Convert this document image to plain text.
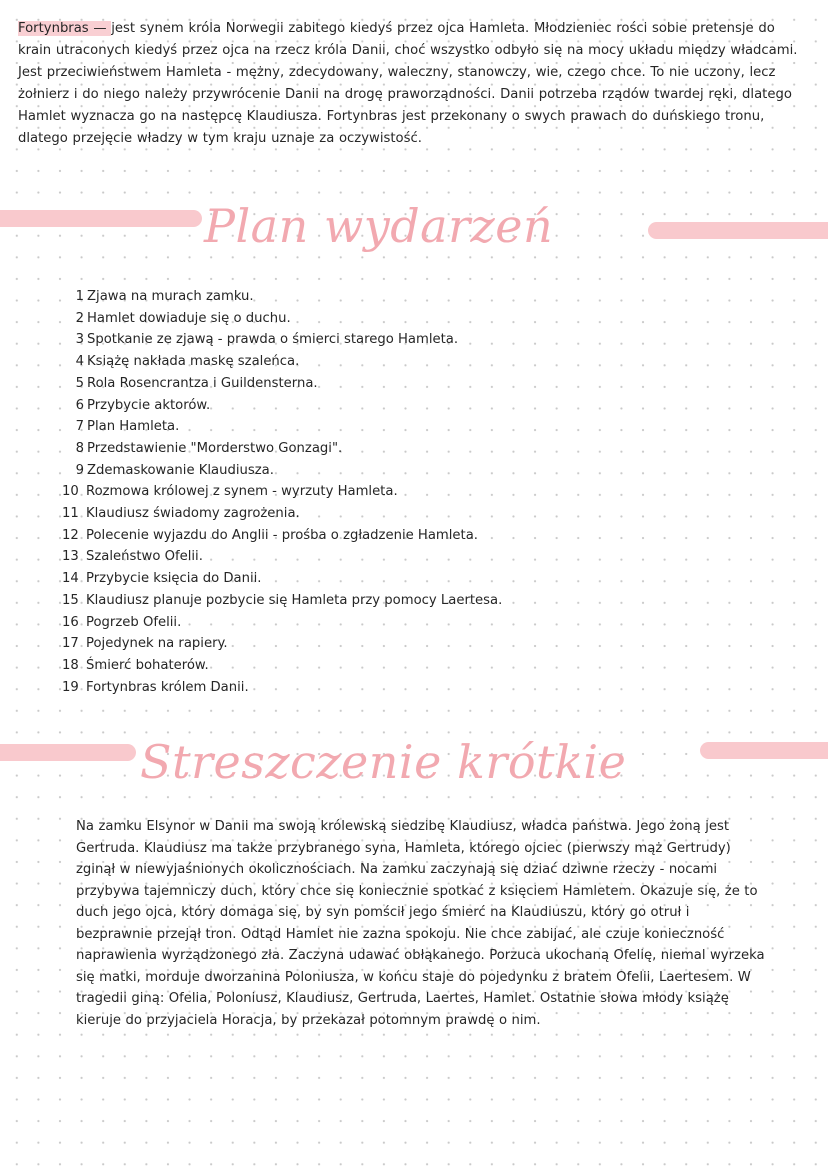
Fortynbras — jest synem króla Norwegii zabitego kiedyś przez ojca Hamleta. Młodzieniec rości sobie pretensje do krain utraconych kiedyś przez ojca na rzecz króla Danii, choć wszystko odbyło się na mocy układu między władcami. Jest przeciwieństwem Hamleta - mężny, zdecydowany, waleczny, stanowczy, wie, czego chce. To nie uczony, lecz żołnierz i do niego należy przywrócenie Danii na drogę praworządności. Danii potrzeba rządów twardej ręki, dlatego Hamlet wyznacza go na następcę Klaudiusza. Fortynbras jest przekonany o swych prawach do duńskiego tronu, dlatego przejęcie władzy w tym kraju uznaje za oczywistość.

Plan wydarzeń
1 Zjawa na murach zamku.
2 Hamlet dowiaduje się o duchu.
3 Spotkanie ze zjawą - prawda o śmierci starego Hamleta.
4 Książę nakłada maskę szaleńca.
5 Rola Rosencrantza i Guildensterna.
6 Przybycie aktorów.
7 Plan Hamleta.
8 Przedstawienie "Morderstwo Gonzagi".
9 Zdemaskowanie Klaudiusza.
10 Rozmowa królowej z synem - wyrzuty Hamleta.
11 Klaudiusz świadomy zagrożenia.
12 Polecenie wyjazdu do Anglii - prośba o zgładzenie Hamleta.
13 Szaleństwo Ofelii.
14 Przybycie księcia do Danii.
15 Klaudiusz planuje pozbycie się Hamleta przy pomocy Laertesa.
16 Pogrzeb Ofelii.
17 Pojedynek na rapiery.
18 Śmierć bohaterów.
19 Fortynbras królem Danii.
Streszczenie krótkie

Na zamku Elsynor w Danii ma swoją królewską siedzibę Klaudiusz, władca państwa. Jego żoną jest Gertruda. Klaudiusz ma także przybranego syna, Hamleta, którego ojciec (pierwszy mąż Gertrudy) zginął w niewyjaśnionych okolicznościach. Na zamku zaczynają się dziać dziwne rzeczy - nocami przybywa tajemniczy duch, który chce się koniecznie spotkać z księciem Hamletem. Okazuje się, że to duch jego ojca, który domaga się, by syn pomścił jego śmierć na Klaudiuszu, który go otruł i bezprawnie przejął tron. Odtąd Hamlet nie zazna spokoju. Nie chce zabijać, ale czuje konieczność naprawienia wyrządzonego zła. Zaczyna udawać obłąkanego. Porzuca ukochaną Ofelię, niemal wyrzeka się matki, morduje dworzanina Poloniusza, w końcu staje do pojedynku z bratem Ofelii, Laertesem. W tragedii giną: Ofelia, Poloniusz, Klaudiusz, Gertruda, Laertes, Hamlet. Ostatnie słowa młody książę kieruje do przyjaciela Horacja, by przekazał potomnym prawdę o nim.
